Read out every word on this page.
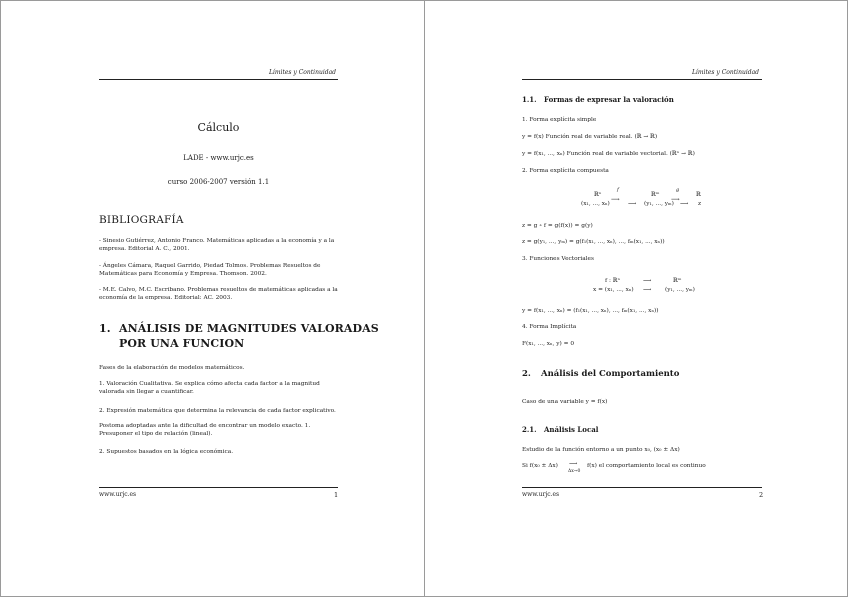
Límites y Continuidad
Cálculo
LADE - www.urjc.es
curso 2006-2007 versión 1.1
BIBLIOGRAFÍA
- Sinesio Gutiérrez, Antonio Franco. Matemáticas aplicadas a la economía y a la empresa. Editorial A. C., 2001.
- Ángeles Cámara, Raquel Garrido, Piedad Tolmos. Problemas Resueltos de Matemáticas para Economía y Empresa. Thomson. 2002.
- M.E. Calvo, M.C. Escribano. Problemas resueltos de matemáticas aplicadas a la economía de la empresa. Editorial: AC. 2003.
1. ANÁLISIS DE MAGNITUDES VALORADAS
POR UNA FUNCION
Fases de la elaboración de modelos matemáticos.
1. Valoración Cualitativa. Se explica cómo afecta cada factor a la magnitud valorada sin llegar a cuantificar.
2. Expresión matemática que determina la relevancia de cada factor explicativo.
Postoma adoptadas ante la dificultad de encontrar un modelo exacto. 1. Presuponer el tipo de relación (lineal).
2. Supuestos basados en la lógica económica.
www.urjc.es	1
Límites y Continuidad
1.1. Formas de expresar la valoración
1. Forma explícita simple
y = f(x) Función real de variable real. (ℝ → ℝ)
y = f(x₁, ..., xₙ) Función real de variable vectorial. (ℝⁿ → ℝ)
2. Forma explícita compuesta
ℝⁿ	ℝᵐ	ℝ
f	g
⟶	⟶
(x₁, ..., xₙ)	⟶ (y₁, ..., yₘ) ⟶ z
z = g ∘ f = g(f(x)) = g(y)
z = g(y₁, ..., yₘ) = g(f₁(x₁, ..., xₙ), ..., fₘ(x₁, ..., xₙ))
3. Funciones Vectoriales
f : ℝⁿ	⟶	ℝᵐ
x = (x₁, ..., xₙ) ⟶ (y₁, ..., yₘ)
y = f(x₁, ..., xₙ) = (f₁(x₁, ..., xₙ), ..., fₘ(x₁, ..., xₙ))
4. Forma Implícita
F(x₁, ..., xₙ, y) = 0
2. Análisis del Comportamiento
Caso de una variable y = f(x)
2.1. Análisis Local
Estudio de la función entorno a un punto x₀, (x₀ ± Δx)
Si f(x₀ ± Δx) ⟶
Δx→0
f(x) el comportamiento local es continuo
www.urjc.es	2
